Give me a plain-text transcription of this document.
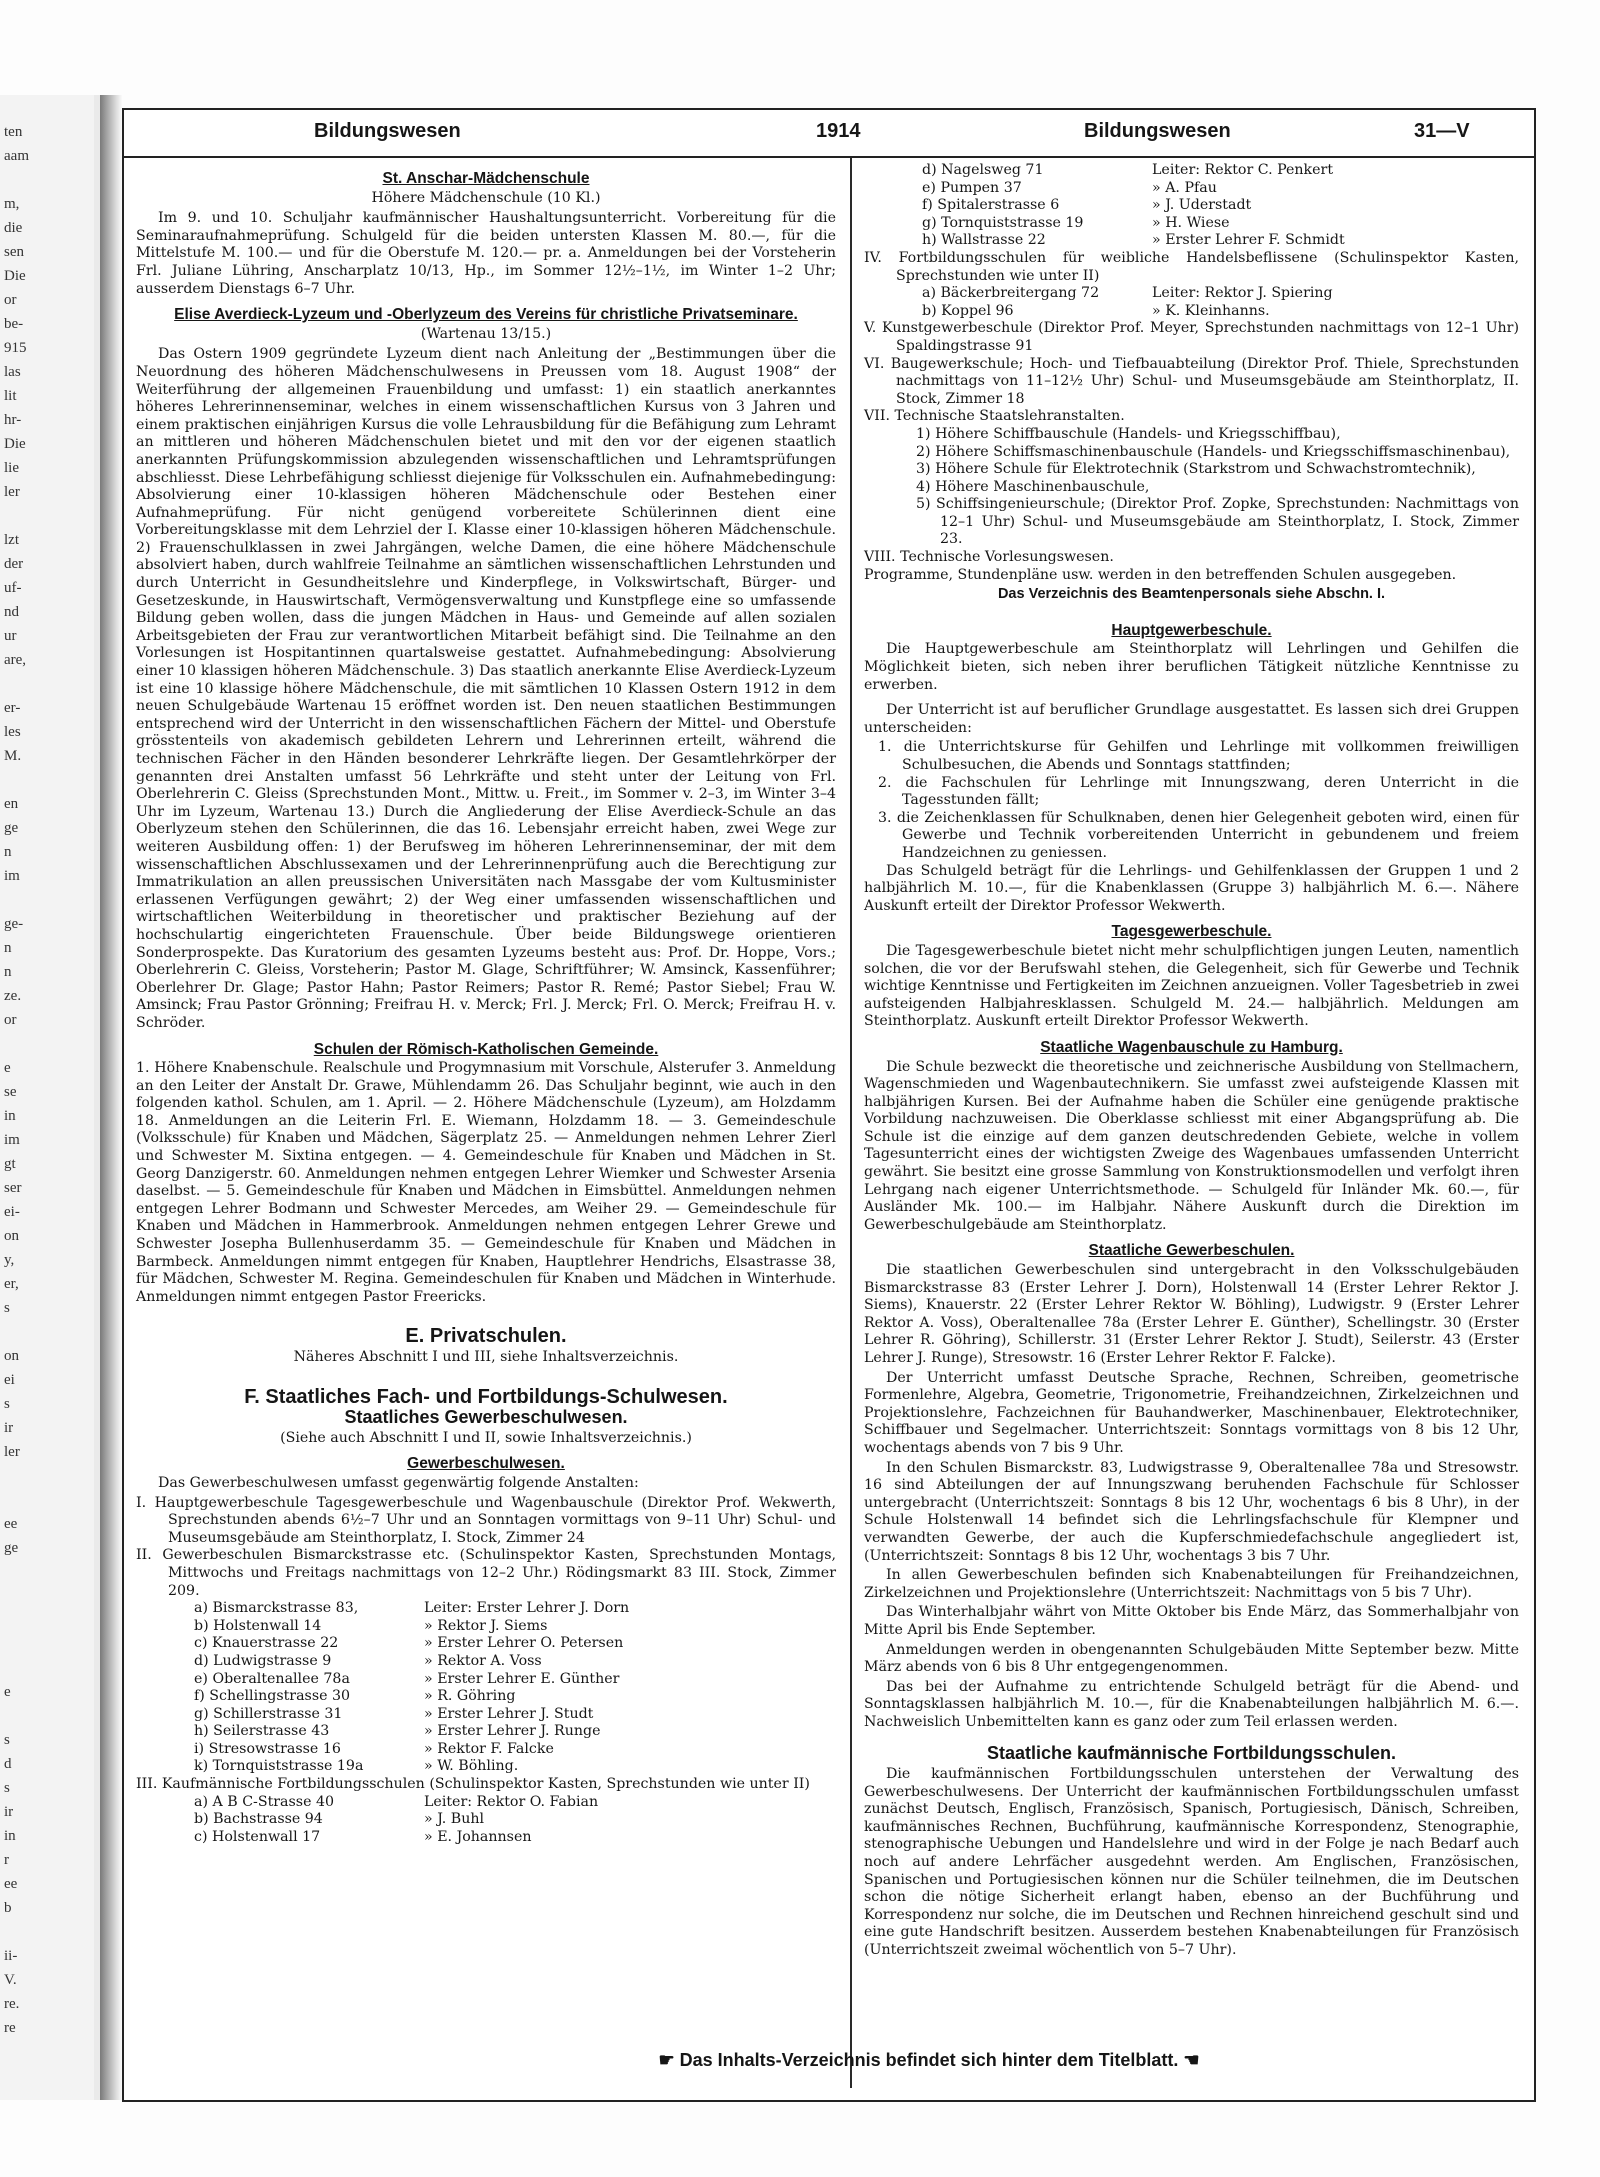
ten
aam
m,
die
sen
Die
or
be-
915
las
lit
hr-
Die
lie
ler
lzt
der
uf-
nd
ur
are,
er-
les
M.
en
ge
n
im
ge-
n
n
ze.
or
e
se
in
im
gt
ser
ei-
on
y,
er,
s
on
ei
s
ir
ler
ee
ge
e
s
d
s
ir
in
r
ee
b
ii-
V.
re.
re
Bildungswesen	1914	Bildungswesen	31—V
St. Anschar-Mädchenschule
Höhere Mädchenschule (10 Kl.)

Im 9. und 10. Schuljahr kaufmännischer Haushaltungsunterricht. Vorbereitung für die Seminaraufnahmeprüfung. Schulgeld für die beiden untersten Klassen M. 80.—, für die Mittelstufe M. 100.— und für die Oberstufe M. 120.— pr. a. Anmeldungen bei der Vorsteherin Frl. Juliane Lühring, Anscharplatz 10/13, Hp., im Sommer 12½–1½, im Winter 1–2 Uhr; ausserdem Dienstags 6–7 Uhr.

Elise Averdieck-Lyzeum und -Oberlyzeum des Vereins für christliche Privatseminare.
(Wartenau 13/15.)

Das Ostern 1909 gegründete Lyzeum dient nach Anleitung der „Bestimmungen über die Neuordnung des höheren Mädchenschulwesens in Preussen vom 18. August 1908“ der Weiterführung der allgemeinen Frauenbildung und umfasst: 1) ein staatlich anerkanntes höheres Lehrerinnenseminar, welches in einem wissenschaftlichen Kursus von 3 Jahren und einem praktischen einjährigen Kursus die volle Lehrausbildung für die Befähigung zum Lehramt an mittleren und höheren Mädchenschulen bietet und mit den vor der eigenen staatlich anerkannten Prüfungskommission abzulegenden wissenschaftlichen und Lehramtsprüfungen abschliesst. Diese Lehrbefähigung schliesst diejenige für Volksschulen ein. Aufnahmebedingung: Absolvierung einer 10-klassigen höheren Mädchenschule oder Bestehen einer Aufnahmeprüfung. Für nicht genügend vorbereitete Schülerinnen dient eine Vorbereitungsklasse mit dem Lehrziel der I. Klasse einer 10-klassigen höheren Mädchenschule. 2) Frauenschulklassen in zwei Jahrgängen, welche Damen, die eine höhere Mädchenschule absolviert haben, durch wahlfreie Teilnahme an sämtlichen wissenschaftlichen Lehrstunden und durch Unterricht in Gesundheitslehre und Kinderpflege, in Volkswirtschaft, Bürger- und Gesetzeskunde, in Hauswirtschaft, Vermögensverwaltung und Kunstpflege eine so umfassende Bildung geben wollen, dass die jungen Mädchen in Haus- und Gemeinde auf allen sozialen Arbeitsgebieten der Frau zur verantwortlichen Mitarbeit befähigt sind. Die Teilnahme an den Vorlesungen ist Hospitantinnen quartalsweise gestattet. Aufnahmebedingung: Absolvierung einer 10 klassigen höheren Mädchenschule. 3) Das staatlich anerkannte Elise Averdieck-Lyzeum ist eine 10 klassige höhere Mädchenschule, die mit sämtlichen 10 Klassen Ostern 1912 in dem neuen Schulgebäude Wartenau 15 eröffnet worden ist. Den neuen staatlichen Bestimmungen entsprechend wird der Unterricht in den wissenschaftlichen Fächern der Mittel- und Oberstufe grösstenteils von akademisch gebildeten Lehrern und Lehrerinnen erteilt, während die technischen Fächer in den Händen besonderer Lehrkräfte liegen. Der Gesamtlehrkörper der genannten drei Anstalten umfasst 56 Lehrkräfte und steht unter der Leitung von Frl. Oberlehrerin C. Gleiss (Sprechstunden Mont., Mittw. u. Freit., im Sommer v. 2–3, im Winter 3–4 Uhr im Lyzeum, Wartenau 13.) Durch die Angliederung der Elise Averdieck-Schule an das Oberlyzeum stehen den Schülerinnen, die das 16. Lebensjahr erreicht haben, zwei Wege zur weiteren Ausbildung offen: 1) der Berufsweg im höheren Lehrerinnenseminar, der mit dem wissenschaftlichen Abschlussexamen und der Lehrerinnenprüfung auch die Berechtigung zur Immatrikulation an allen preussischen Universitäten nach Massgabe der vom Kultusminister erlassenen Verfügungen gewährt; 2) der Weg einer umfassenden wissenschaftlichen und wirtschaftlichen Weiterbildung in theoretischer und praktischer Beziehung auf der hochschulartig eingerichteten Frauenschule. Über beide Bildungswege orientieren Sonderprospekte. Das Kuratorium des gesamten Lyzeums besteht aus: Prof. Dr. Hoppe, Vors.; Oberlehrerin C. Gleiss, Vorsteherin; Pastor M. Glage, Schriftführer; W. Amsinck, Kassenführer; Oberlehrer Dr. Glage; Pastor Hahn; Pastor Reimers; Pastor R. Remé; Pastor Siebel; Frau W. Amsinck; Frau Pastor Grönning; Freifrau H. v. Merck; Frl. J. Merck; Frl. O. Merck; Freifrau H. v. Schröder.

Schulen der Römisch-Katholischen Gemeinde.

1. Höhere Knabenschule. Realschule und Progymnasium mit Vorschule, Alsterufer 3. Anmeldung an den Leiter der Anstalt Dr. Grawe, Mühlendamm 26. Das Schuljahr beginnt, wie auch in den folgenden kathol. Schulen, am 1. April. — 2. Höhere Mädchenschule (Lyzeum), am Holzdamm 18. Anmeldungen an die Leiterin Frl. E. Wiemann, Holzdamm 18. — 3. Gemeindeschule (Volksschule) für Knaben und Mädchen, Sägerplatz 25. — Anmeldungen nehmen Lehrer Zierl und Schwester M. Sixtina entgegen. — 4. Gemeindeschule für Knaben und Mädchen in St. Georg Danzigerstr. 60. Anmeldungen nehmen entgegen Lehrer Wiemker und Schwester Arsenia daselbst. — 5. Gemeindeschule für Knaben und Mädchen in Eimsbüttel. Anmeldungen nehmen entgegen Lehrer Bodmann und Schwester Mercedes, am Weiher 29. — Gemeindeschule für Knaben und Mädchen in Hammerbrook. Anmeldungen nehmen entgegen Lehrer Grewe und Schwester Josepha Bullenhuserdamm 35. — Gemeindeschule für Knaben und Mädchen in Barmbeck. Anmeldungen nimmt entgegen für Knaben, Hauptlehrer Hendrichs, Elsastrasse 38, für Mädchen, Schwester M. Regina. Gemeindeschulen für Knaben und Mädchen in Winterhude. Anmeldungen nimmt entgegen Pastor Freericks.

E. Privatschulen.
Näheres Abschnitt I und III, siehe Inhaltsverzeichnis.
F. Staatliches Fach- und Fortbildungs-Schulwesen.
Staatliches Gewerbeschulwesen.
(Siehe auch Abschnitt I und II, sowie Inhaltsverzeichnis.)
Gewerbeschulwesen.

Das Gewerbeschulwesen umfasst gegenwärtig folgende Anstalten:

I. Hauptgewerbeschule Tagesgewerbeschule und Wagenbauschule (Direktor Prof. Wekwerth, Sprechstunden abends 6½–7 Uhr und an Sonntagen vormittags von 9–11 Uhr) Schul- und Museumsgebäude am Steinthorplatz, I. Stock, Zimmer 24

II. Gewerbeschulen Bismarckstrasse etc. (Schulinspektor Kasten, Sprechstunden Montags, Mittwochs und Freitags nachmittags von 12–2 Uhr.) Rödingsmarkt 83 III. Stock, Zimmer 209.

a) Bismarckstrasse 83,	Leiter: Erster Lehrer J. Dorn
b) Holstenwall 14	» Rektor J. Siems
c) Knauerstrasse 22	» Erster Lehrer O. Petersen
d) Ludwigstrasse 9	» Rektor A. Voss
e) Oberaltenallee 78a	» Erster Lehrer E. Günther
f) Schellingstrasse 30	» R. Göhring
g) Schillerstrasse 31	» Erster Lehrer J. Studt
h) Seilerstrasse 43	» Erster Lehrer J. Runge
i) Stresowstrasse 16	» Rektor F. Falcke
k) Tornquiststrasse 19a	» W. Böhling.

III. Kaufmännische Fortbildungsschulen (Schulinspektor Kasten, Sprechstunden wie unter II)

a) A B C-Strasse 40	Leiter: Rektor O. Fabian
b) Bachstrasse 94	» J. Buhl
c) Holstenwall 17	» E. Johannsen
d) Nagelsweg 71	Leiter: Rektor C. Penkert
e) Pumpen 37	» A. Pfau
f) Spitalerstrasse 6	» J. Uderstadt
g) Tornquiststrasse 19	» H. Wiese
h) Wallstrasse 22	» Erster Lehrer F. Schmidt

IV. Fortbildungsschulen für weibliche Handelsbeflissene (Schulinspektor Kasten, Sprechstunden wie unter II)

a) Bäckerbreitergang 72	Leiter: Rektor J. Spiering
b) Koppel 96	» K. Kleinhanns.

V. Kunstgewerbeschule (Direktor Prof. Meyer, Sprechstunden nachmittags von 12–1 Uhr) Spaldingstrasse 91

VI. Baugewerkschule; Hoch- und Tiefbauabteilung (Direktor Prof. Thiele, Sprechstunden nachmittags von 11–12½ Uhr) Schul- und Museumsgebäude am Steinthorplatz, II. Stock, Zimmer 18

VII. Technische Staatslehranstalten.

1) Höhere Schiffbauschule (Handels- und Kriegsschiffbau),

2) Höhere Schiffsmaschinenbauschule (Handels- und Kriegsschiffsmaschinenbau),

3) Höhere Schule für Elektrotechnik (Starkstrom und Schwachstromtechnik),

4) Höhere Maschinenbauschule,

5) Schiffsingenieurschule; (Direktor Prof. Zopke, Sprechstunden: Nachmittags von 12–1 Uhr) Schul- und Museumsgebäude am Steinthorplatz, I. Stock, Zimmer 23.

VIII. Technische Vorlesungswesen.

Programme, Stundenpläne usw. werden in den betreffenden Schulen ausgegeben.

Das Verzeichnis des Beamtenpersonals siehe Abschn. I.
Hauptgewerbeschule.

Die Hauptgewerbeschule am Steinthorplatz will Lehrlingen und Gehilfen die Möglichkeit bieten, sich neben ihrer beruflichen Tätigkeit nützliche Kenntnisse zu erwerben.

Der Unterricht ist auf beruflicher Grundlage ausgestattet. Es lassen sich drei Gruppen unterscheiden:

1. die Unterrichtskurse für Gehilfen und Lehrlinge mit vollkommen freiwilligen Schulbesuchen, die Abends und Sonntags stattfinden;

2. die Fachschulen für Lehrlinge mit Innungszwang, deren Unterricht in die Tagesstunden fällt;

3. die Zeichenklassen für Schulknaben, denen hier Gelegenheit geboten wird, einen für Gewerbe und Technik vorbereitenden Unterricht in gebundenem und freiem Handzeichnen zu geniessen.

Das Schulgeld beträgt für die Lehrlings- und Gehilfenklassen der Gruppen 1 und 2 halbjährlich M. 10.—, für die Knabenklassen (Gruppe 3) halbjährlich M. 6.—. Nähere Auskunft erteilt der Direktor Professor Wekwerth.

Tagesgewerbeschule.

Die Tagesgewerbeschule bietet nicht mehr schulpflichtigen jungen Leuten, namentlich solchen, die vor der Berufswahl stehen, die Gelegenheit, sich für Gewerbe und Technik wichtige Kenntnisse und Fertigkeiten im Zeichnen anzueignen. Voller Tagesbetrieb in zwei aufsteigenden Halbjahresklassen. Schulgeld M. 24.— halbjährlich. Meldungen am Steinthorplatz. Auskunft erteilt Direktor Professor Wekwerth.

Staatliche Wagenbauschule zu Hamburg.

Die Schule bezweckt die theoretische und zeichnerische Ausbildung von Stellmachern, Wagenschmieden und Wagenbautechnikern. Sie umfasst zwei aufsteigende Klassen mit halbjährigen Kursen. Bei der Aufnahme haben die Schüler eine genügende praktische Vorbildung nachzuweisen. Die Oberklasse schliesst mit einer Abgangsprüfung ab. Die Schule ist die einzige auf dem ganzen deutschredenden Gebiete, welche in vollem Tagesunterricht eines der wichtigsten Zweige des Wagenbaues umfassenden Unterricht gewährt. Sie besitzt eine grosse Sammlung von Konstruktionsmodellen und verfolgt ihren Lehrgang nach eigener Unterrichtsmethode. — Schulgeld für Inländer Mk. 60.—, für Ausländer Mk. 100.— im Halbjahr. Nähere Auskunft durch die Direktion im Gewerbeschulgebäude am Steinthorplatz.

Staatliche Gewerbeschulen.

Die staatlichen Gewerbeschulen sind untergebracht in den Volksschulgebäuden Bismarckstrasse 83 (Erster Lehrer J. Dorn), Holstenwall 14 (Erster Lehrer Rektor J. Siems), Knauerstr. 22 (Erster Lehrer Rektor W. Böhling), Ludwigstr. 9 (Erster Lehrer Rektor A. Voss), Oberaltenallee 78a (Erster Lehrer E. Günther), Schellingstr. 30 (Erster Lehrer R. Göhring), Schillerstr. 31 (Erster Lehrer Rektor J. Studt), Seilerstr. 43 (Erster Lehrer J. Runge), Stresowstr. 16 (Erster Lehrer Rektor F. Falcke).

Der Unterricht umfasst Deutsche Sprache, Rechnen, Schreiben, geometrische Formenlehre, Algebra, Geometrie, Trigonometrie, Freihandzeichnen, Zirkelzeichnen und Projektionslehre, Fachzeichnen für Bauhandwerker, Maschinenbauer, Elektrotechniker, Schiffbauer und Segelmacher. Unterrichtszeit: Sonntags vormittags von 8 bis 12 Uhr, wochentags abends von 7 bis 9 Uhr.

In den Schulen Bismarckstr. 83, Ludwigstrasse 9, Oberaltenallee 78a und Stresowstr. 16 sind Abteilungen der auf Innungszwang beruhenden Fachschule für Schlosser untergebracht (Unterrichtszeit: Sonntags 8 bis 12 Uhr, wochentags 6 bis 8 Uhr), in der Schule Holstenwall 14 befindet sich die Lehrlingsfachschule für Klempner und verwandten Gewerbe, der auch die Kupferschmiedefachschule angegliedert ist, (Unterrichtszeit: Sonntags 8 bis 12 Uhr, wochentags 3 bis 7 Uhr.

In allen Gewerbeschulen befinden sich Knabenabteilungen für Freihandzeichnen, Zirkelzeichnen und Projektionslehre (Unterrichtszeit: Nachmittags von 5 bis 7 Uhr).

Das Winterhalbjahr währt von Mitte Oktober bis Ende März, das Sommerhalbjahr von Mitte April bis Ende September.

Anmeldungen werden in obengenannten Schulgebäuden Mitte September bezw. Mitte März abends von 6 bis 8 Uhr entgegengenommen.

Das bei der Aufnahme zu entrichtende Schulgeld beträgt für die Abend- und Sonntagsklassen halbjährlich M. 10.—, für die Knabenabteilungen halbjährlich M. 6.—. Nachweislich Unbemittelten kann es ganz oder zum Teil erlassen werden.

Staatliche kaufmännische Fortbildungsschulen.

Die kaufmännischen Fortbildungsschulen unterstehen der Verwaltung des Gewerbeschulwesens. Der Unterricht der kaufmännischen Fortbildungsschulen umfasst zunächst Deutsch, Englisch, Französisch, Spanisch, Portugiesisch, Dänisch, Schreiben, kaufmännisches Rechnen, Buchführung, kaufmännische Korrespondenz, Stenographie, stenographische Uebungen und Handelslehre und wird in der Folge je nach Bedarf auch noch auf andere Lehrfächer ausgedehnt werden. Am Englischen, Französischen, Spanischen und Portugiesischen können nur die Schüler teilnehmen, die im Deutschen schon die nötige Sicherheit erlangt haben, ebenso an der Buchführung und Korrespondenz nur solche, die im Deutschen und Rechnen hinreichend geschult sind und eine gute Handschrift besitzen. Ausserdem bestehen Knabenabteilungen für Französisch (Unterrichtszeit zweimal wöchentlich von 5–7 Uhr).

☛ Das Inhalts-Verzeichnis befindet sich hinter dem Titelblatt. ☚
